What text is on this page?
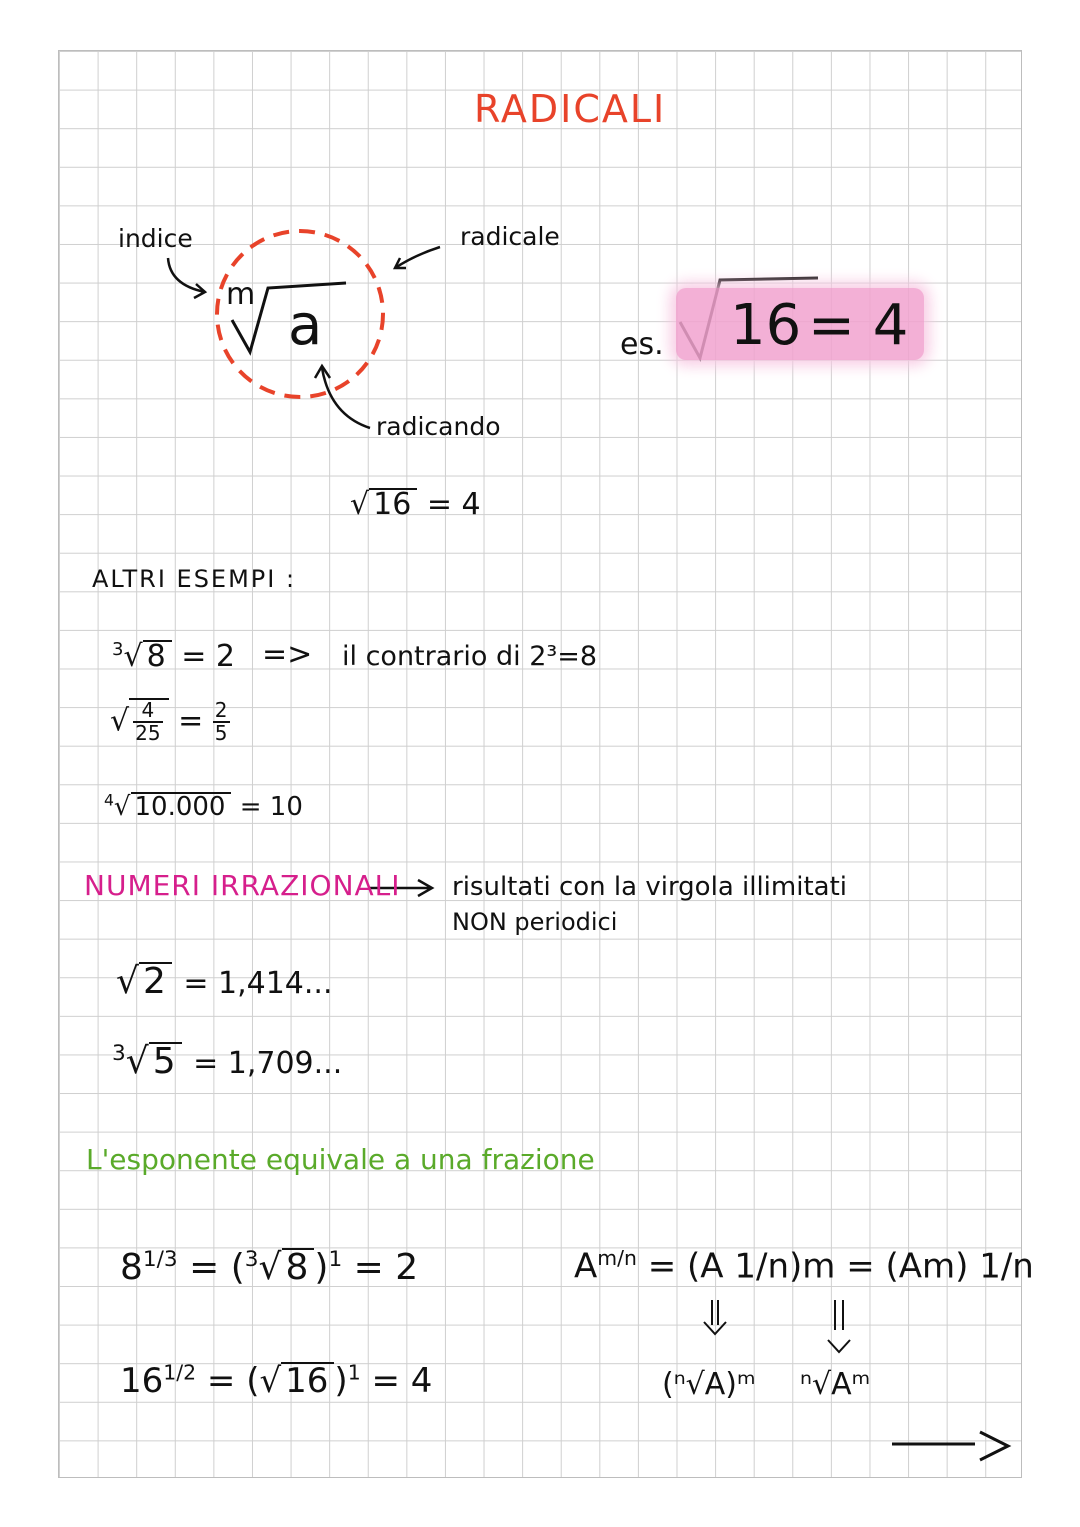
RADICALI
indice	radicale
radicando
m a
√ 16 = 4
es. 16 = 4
ALTRI ESEMPI :
$^3$√ 8 = 2 => il contrario di 2³=8
√ $\frac{4}{25} = \frac{2}{5}$
$^4$√ 10.000 = 10
NUMERI IRRAZIONALI risultati con la virgola illimitati
NON periodici
√ 2 = 1,414...
$^3$√ 5 = 1,709...
L'esponente equivale a una frazione
$8^{1/3} = (^3√$ 8 )$^1$ = 2
$16^{1/2}$ = (√ 16 )$^1$ = 4
$A^{m/n} = (A$ 1/n)m = (Am) 1/n
(ⁿ√A)ᵐ ⁿ√Aᵐ
